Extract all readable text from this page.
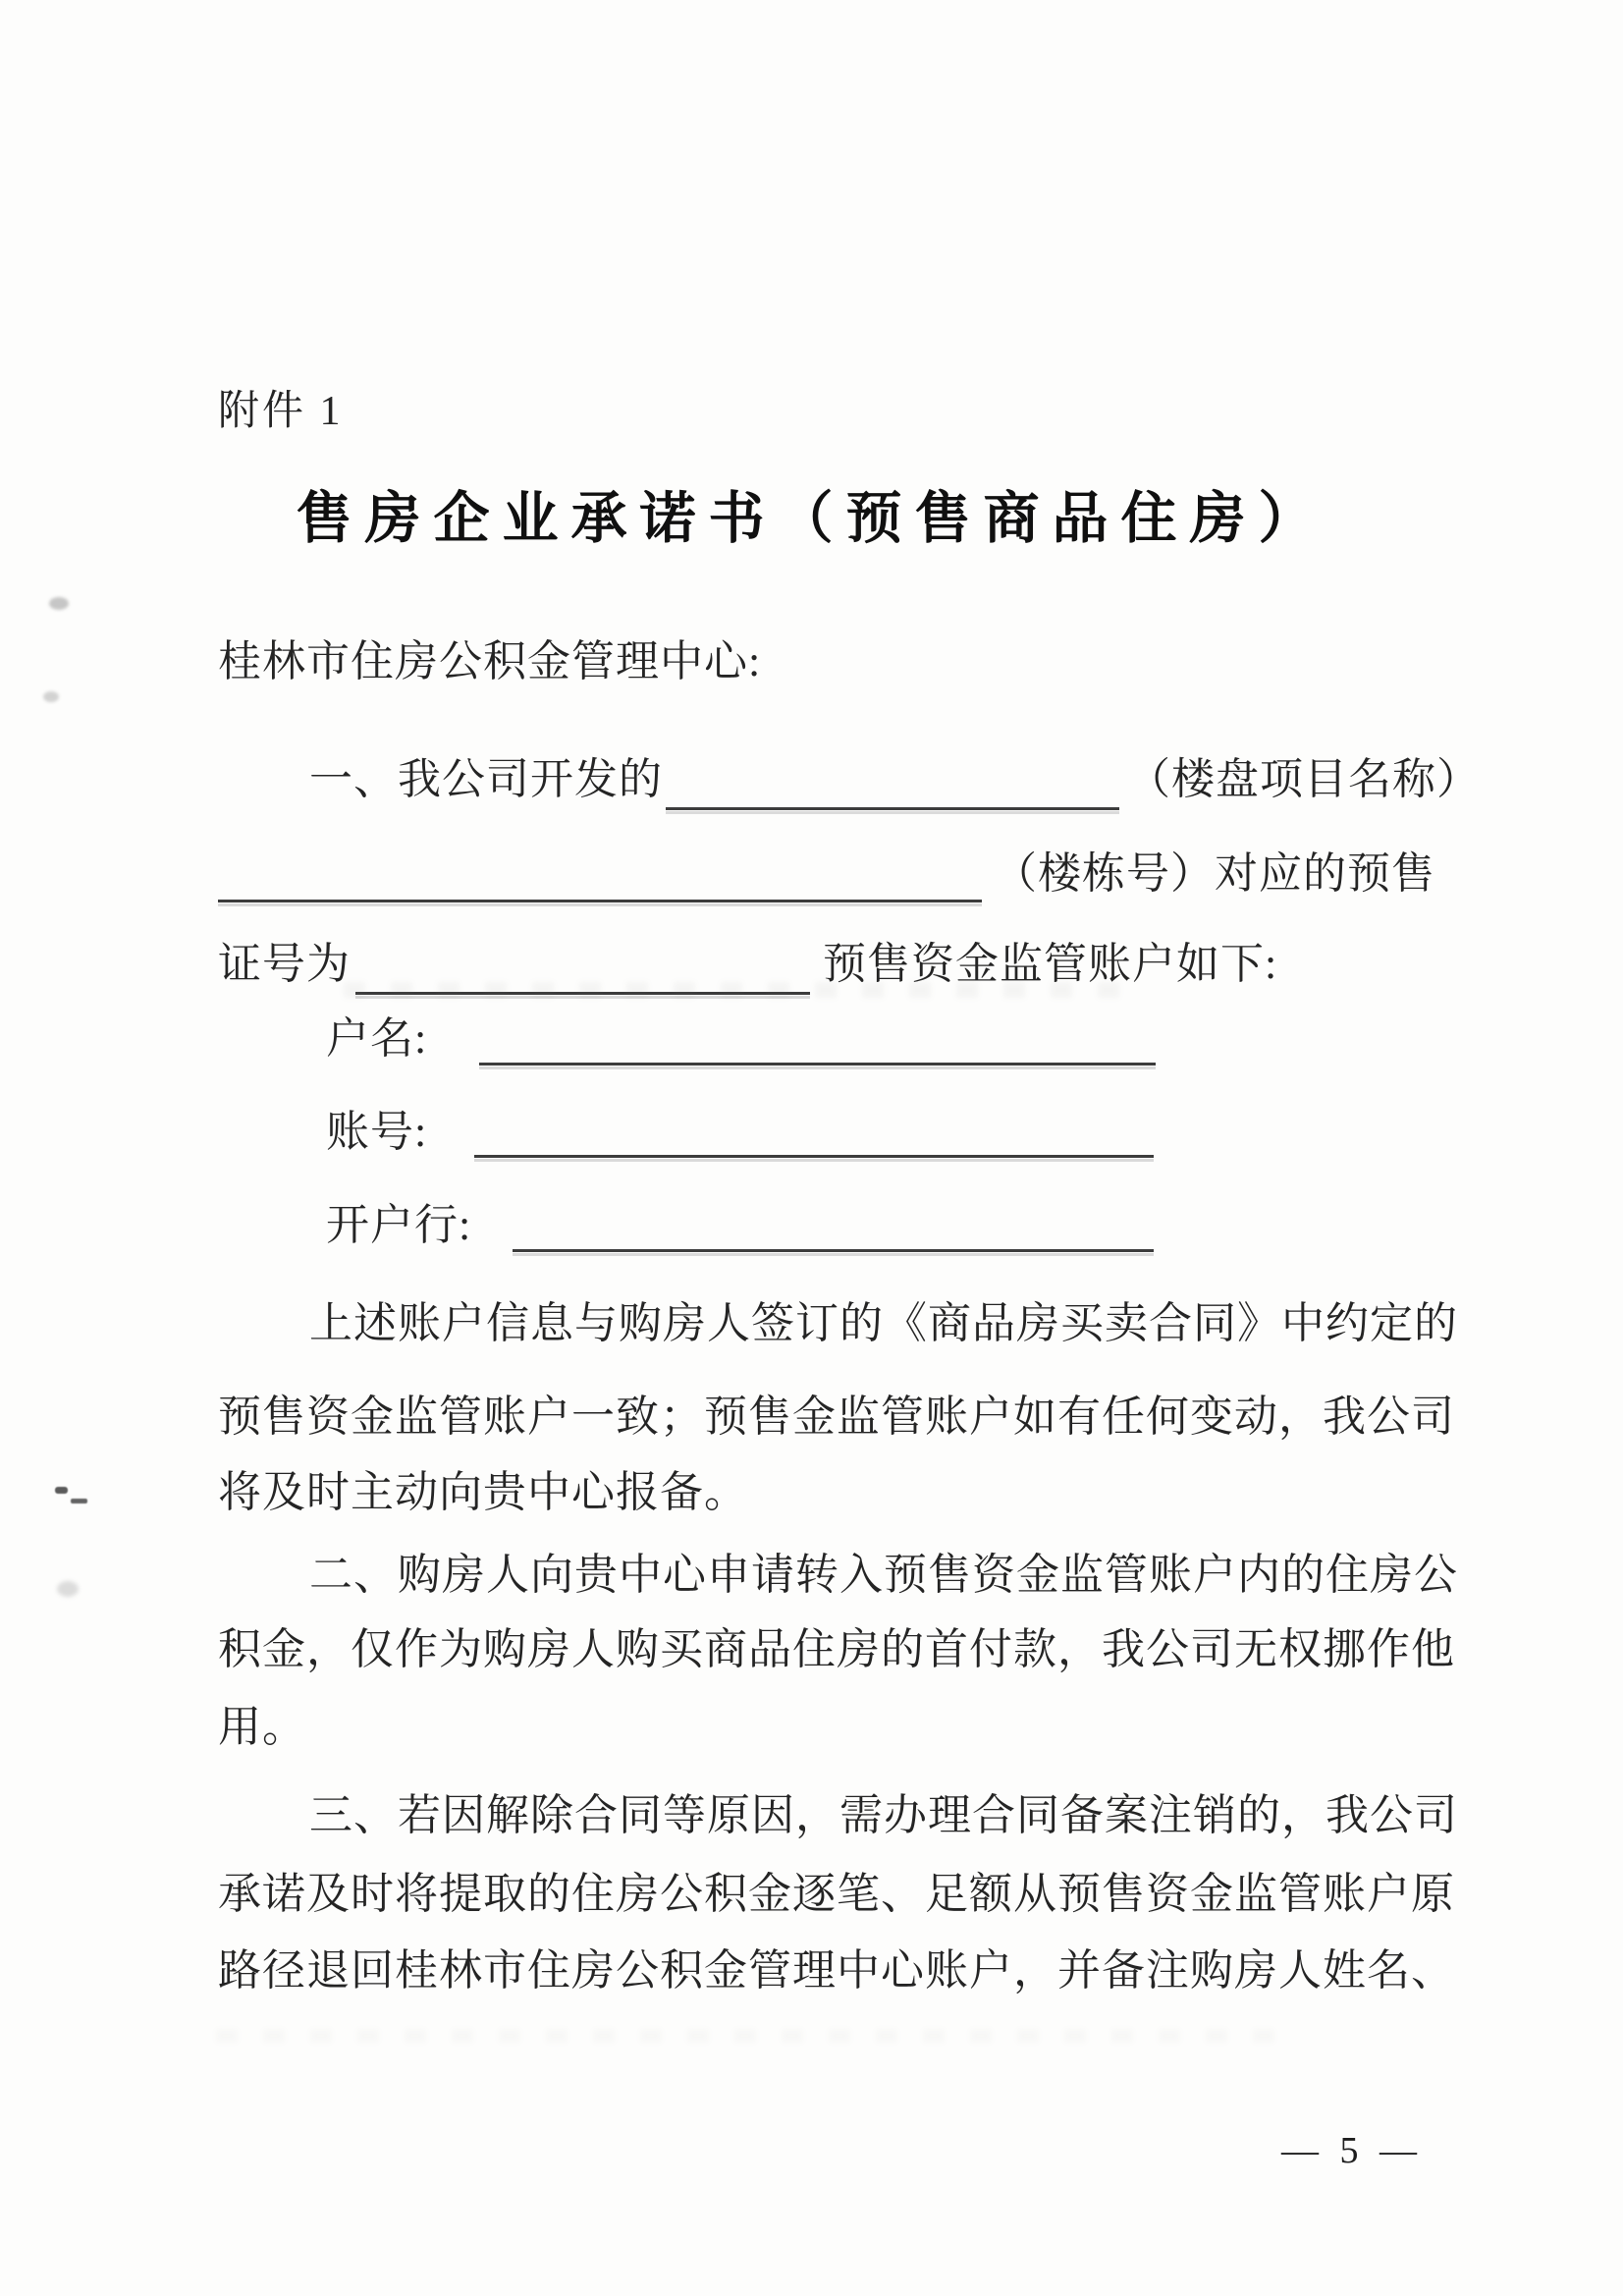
附件 1
售房企业承诺书（预售商品住房）
桂林市住房公积金管理中心:
一、我公司开发的	（楼盘项目名称）
（楼栋号）对应的预售
证号为	预售资金监管账户如下:
户名:
账号:
开户行:
上述账户信息与购房人签订的《商品房买卖合同》中约定的
预售资金监管账户一致；预售金监管账户如有任何变动，我公司
将及时主动向贵中心报备。
二、购房人向贵中心申请转入预售资金监管账户内的住房公
积金，仅作为购房人购买商品住房的首付款，我公司无权挪作他
用。
三、若因解除合同等原因，需办理合同备案注销的，我公司
承诺及时将提取的住房公积金逐笔、足额从预售资金监管账户原
路径退回桂林市住房公积金管理中心账户，并备注购房人姓名、
— 5 —
